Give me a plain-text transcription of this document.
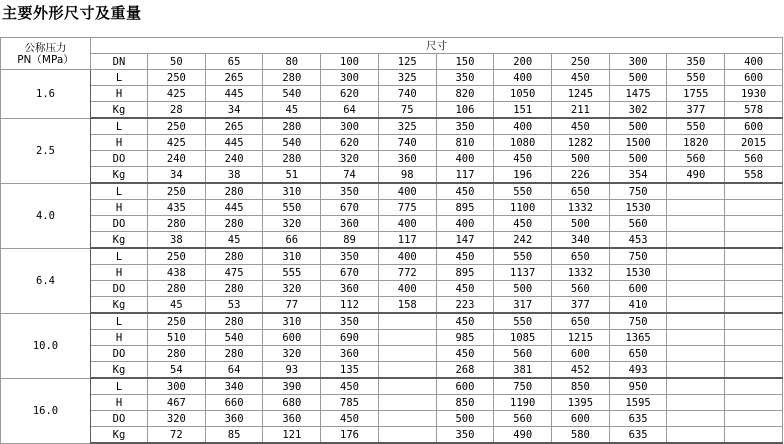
主要外形尺寸及重量
公称压力
PN（MPa）	尺寸											
	DN	50	65	80	100	125	150	200	250	300	350	400
1.6	L	250	265	280	300	325	350	400	450	500	550	600
	H	425	445	540	620	740	820	1050	1245	1475	1755	1930
	Kg	28	34	45	64	75	106	151	211	302	377	578
2.5	L	250	265	280	300	325	350	400	450	500	550	600
	H	425	445	540	620	740	810	1080	1282	1500	1820	2015
	DO	240	240	280	320	360	400	450	500	500	560	560
	Kg	34	38	51	74	98	117	196	226	354	490	558
4.0	L	250	280	310	350	400	450	550	650	750		
	H	435	445	550	670	775	895	1100	1332	1530		
	DO	280	280	320	360	400	400	450	500	560		
	Kg	38	45	66	89	117	147	242	340	453		
6.4	L	250	280	310	350	400	450	550	650	750		
	H	438	475	555	670	772	895	1137	1332	1530		
	DO	280	280	320	360	400	450	500	560	600		
	Kg	45	53	77	112	158	223	317	377	410		
10.0	L	250	280	310	350		450	550	650	750		
	H	510	540	600	690		985	1085	1215	1365		
	DO	280	280	320	360		450	560	600	650		
	Kg	54	64	93	135		268	381	452	493		
16.0	L	300	340	390	450		600	750	850	950		
	H	467	660	680	785		850	1190	1395	1595		
	DO	320	360	360	450		500	560	600	635		
	Kg	72	85	121	176		350	490	580	635		
